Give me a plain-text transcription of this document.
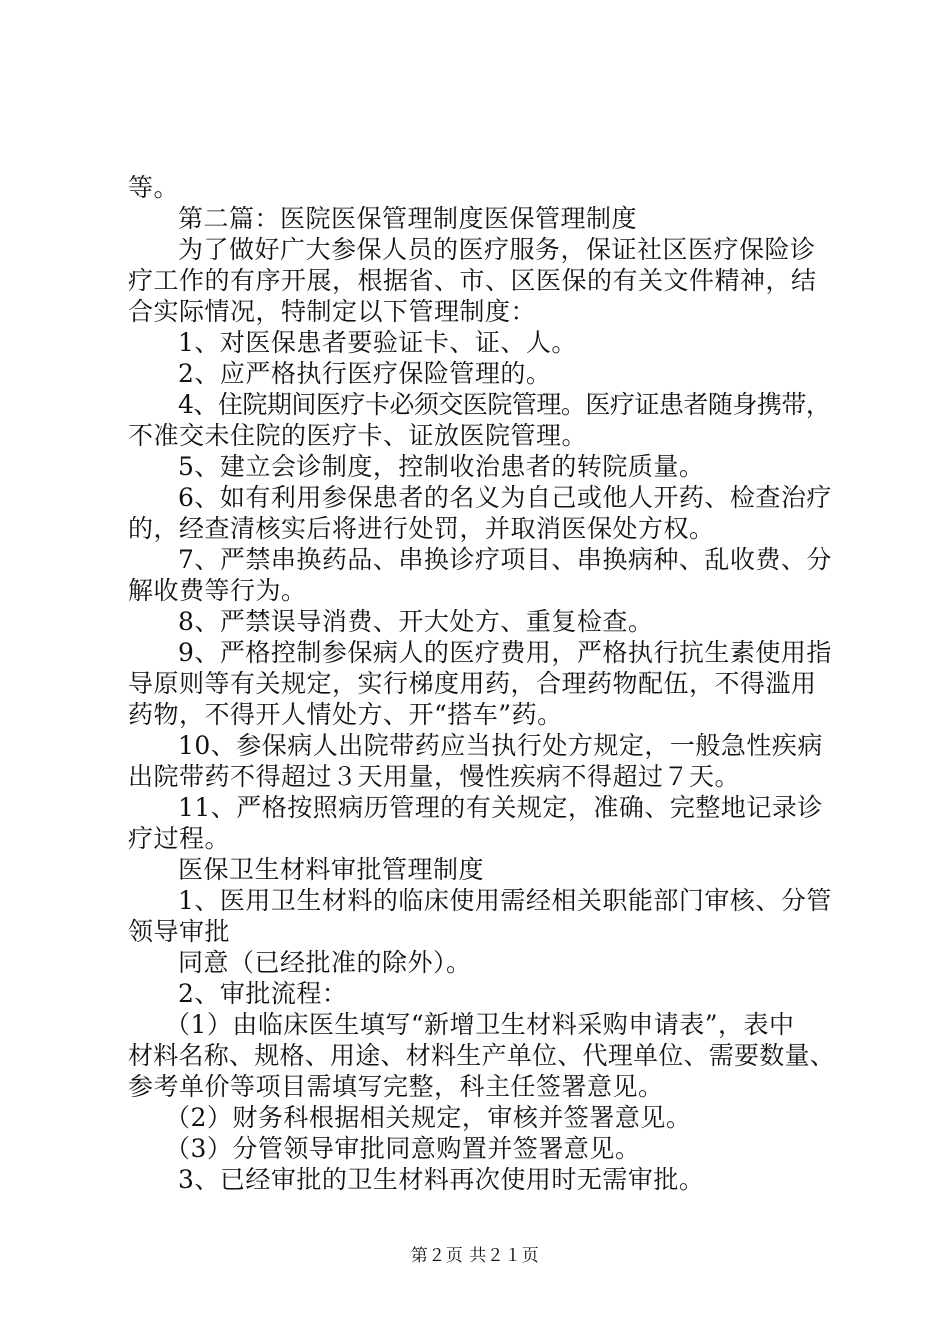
等。
第二篇：医院医保管理制度医保管理制度
为了做好广大参保人员的医疗服务，保证社区医疗保险诊
疗工作的有序开展，根据省、市、区医保的有关文件精神，结
合实际情况，特制定以下管理制度：
1、对医保患者要验证卡、证、人。
2、应严格执行医疗保险管理的。
4、住院期间医疗卡必须交医院管理。医疗证患者随身携带，
不准交未住院的医疗卡、证放医院管理。
5、建立会诊制度，控制收治患者的转院质量。
6、如有利用参保患者的名义为自己或他人开药、检查治疗
的，经查清核实后将进行处罚，并取消医保处方权。
7、严禁串换药品、串换诊疗项目、串换病种、乱收费、分
解收费等行为。
8、严禁误导消费、开大处方、重复检查。
9、严格控制参保病人的医疗费用，严格执行抗生素使用指
导原则等有关规定，实行梯度用药，合理药物配伍，不得滥用
药物，不得开人情处方、开“搭车”药。
10、参保病人出院带药应当执行处方规定，一般急性疾病
出院带药不得超过３天用量，慢性疾病不得超过７天。
11、严格按照病历管理的有关规定，准确、完整地记录诊
疗过程。
医保卫生材料审批管理制度
1、医用卫生材料的临床使用需经相关职能部门审核、分管
领导审批
同意（已经批准的除外）。
2、审批流程：
（1）由临床医生填写“新增卫生材料采购申请表”，表中
材料名称、规格、用途、材料生产单位、代理单位、需要数量、
参考单价等项目需填写完整，科主任签署意见。
（2）财务科根据相关规定，审核并签署意见。
（3）分管领导审批同意购置并签署意见。
3、已经审批的卫生材料再次使用时无需审批。
第２页 共２１页
